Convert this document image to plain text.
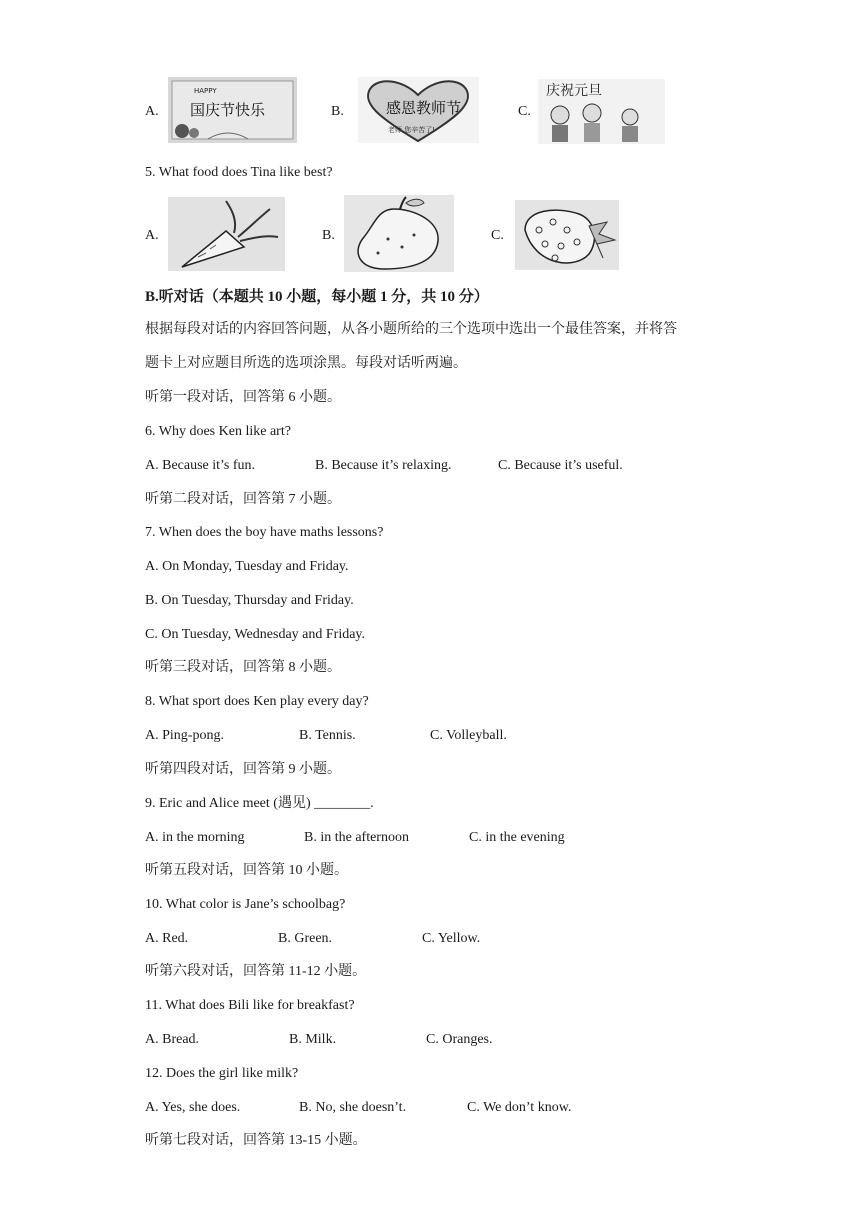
A.
HAPPY
国庆节快乐	B.	感恩教师节
老师,您辛苦了!
C.
庆祝元旦
5. What food does Tina like best?
A.	B.	C.
B.听对话（本题共 10 小题，每小题 1 分，共 10 分）
根据每段对话的内容回答问题，从各小题所给的三个选项中选出一个最佳答案，并将答
题卡上对应题目所选的选项涂黑。每段对话听两遍。
听第一段对话，回答第 6 小题。
6. Why does Ken like art?
A. Because it’s fun.	B. Because it’s relaxing.	C. Because it’s useful.
听第二段对话，回答第 7 小题。
7. When does the boy have maths lessons?
A. On Monday, Tuesday and Friday.
B. On Tuesday, Thursday and Friday.
C. On Tuesday, Wednesday and Friday.
听第三段对话，回答第 8 小题。
8. What sport does Ken play every day?
A. Ping-pong.	B. Tennis.	C. Volleyball.
听第四段对话，回答第 9 小题。
9. Eric and Alice meet (遇见) ________.
A. in the morning	B. in the afternoon	C. in the evening
听第五段对话，回答第 10 小题。
10. What color is Jane’s schoolbag?
A. Red.	B. Green.	C. Yellow.
听第六段对话，回答第 11-12 小题。
11. What does Bili like for breakfast?
A. Bread.	B. Milk.	C. Oranges.
12. Does the girl like milk?
A. Yes, she does.	B. No, she doesn’t.	C. We don’t know.
听第七段对话，回答第 13-15 小题。
